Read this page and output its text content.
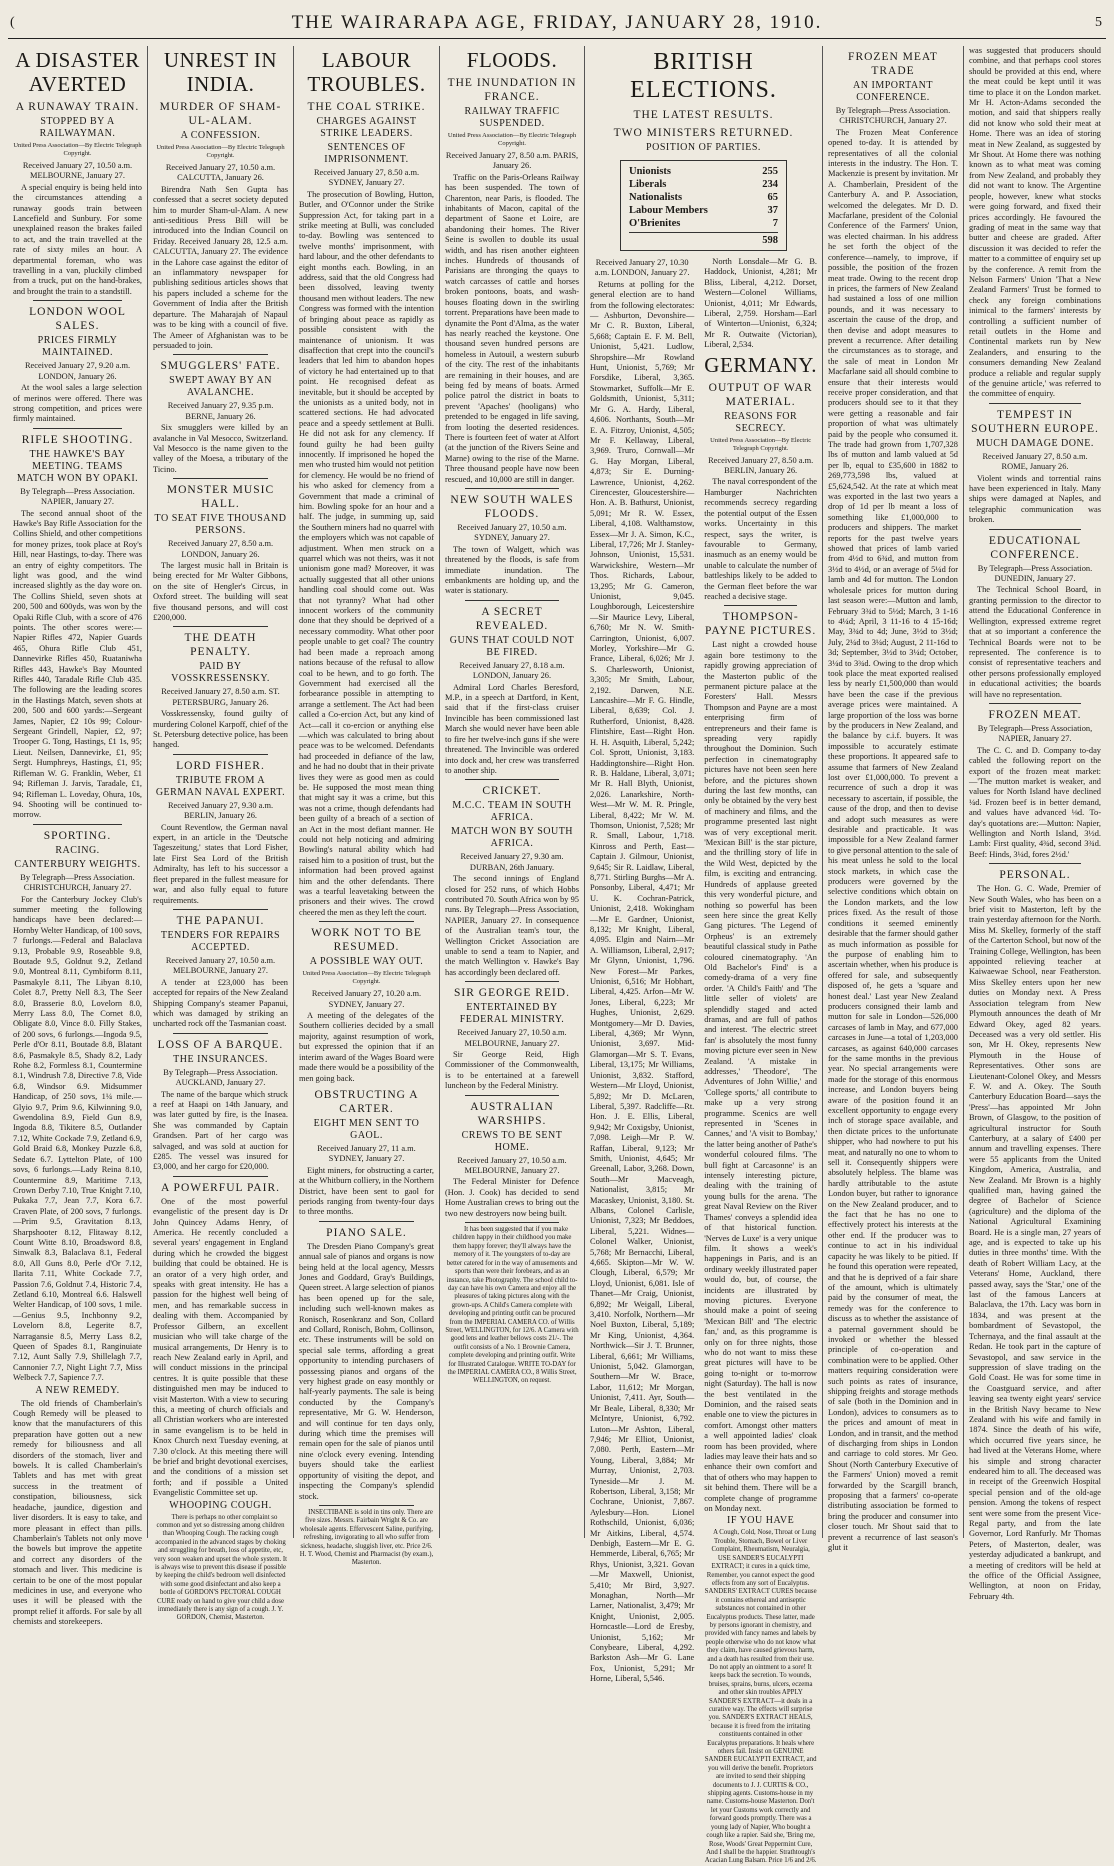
(	THE WAIRARAPA AGE, FRIDAY, JANUARY 28, 1910.	5
A DISASTER AVERTED
A RUNAWAY TRAIN.
STOPPED BY A RAILWAYMAN.
United Press Association—By Electric Telegraph Copyright.
Received January 27, 10.50 a.m. MELBOURNE, January 27.

A special enquiry is being held into the circumstances attending a runaway goods train between Lancefield and Sunbury. For some unexplained reason the brakes failed to act, and the train travelled at the rate of sixty miles an hour. A departmental foreman, who was travelling in a van, pluckily climbed from a truck, put on the hand-brakes, and brought the train to a standstill.

LONDON WOOL SALES.
PRICES FIRMLY MAINTAINED.
Received January 27, 9.20 a.m. LONDON, January 26.

At the wool sales a large selection of merinos were offered. There was strong competition, and prices were firmly maintained.

RIFLE SHOOTING.
THE HAWKE'S BAY MEETING. TEAMS MATCH WON BY OPAKI.
By Telegraph—Press Association. NAPIER, January 27.

The second annual shoot of the Hawke's Bay Rifle Association for the Collins Shield, and other competitions for money prizes, took place at Roy's Hill, near Hastings, to-day. There was an entry of eighty competitors. The light was good, and the wind increased slightly as the day wore on. The Collins Shield, seven shots at 200, 500 and 600yds, was won by the Opaki Rifle Club, with a score of 476 points. The other scores were:—Napier Rifles 472, Napier Guards 465, Ohura Rifle Club 451, Dannevirke Rifles 450, Ruataniwha Rifles 443, Hawke's Bay Mounted Rifles 440, Taradale Rifle Club 435. The following are the leading scores in the Hastings Match, seven shots at 200, 500 and 600 yards:—Sergeant James, Napier, £2 10s 99; Colour-Sergeant Grindell, Napier, £2, 97; Trooper G. Tong, Hastings, £1 1s, 95; Lieut. Neilsen, Dannevirke, £1, 95; Sergt. Humphreys, Hastings, £1, 95; Rifleman W. G. Franklin, Weber, £1 94; Rifleman J. Jarvis, Taradale, £1, 94; Rifleman L. Loveday, Ohura, 10s, 94. Shooting will be continued to-morrow.

SPORTING.
RACING.
CANTERBURY WEIGHTS.
By Telegraph—Press Association. CHRISTCHURCH, January 27.

For the Canterbury Jockey Club's summer meeting the following handicaps have been declared:— Hornby Welter Handicap, of 100 sovs, 7 furlongs.—Federal and Balaclava 9.13, Probable 9.9, Roseabble 9.8, Boutade 9.5, Goldnut 9.2, Zetland 9.0, Montreal 8.11, Cymbiform 8.11, Pasmakyle 8.11, The Libyan 8.10, Colet 8.7, Pretty Nell 8.3, The Seer 8.0, Brasserie 8.0, Lovelorn 8.0, Merry Lass 8.0, The Cornet 8.0, Obligate 8.0, Vince 8.0. Filly Stakes, of 200 sovs, 6 furlongs.—Ingoda 9.5, Perle d'Or 8.11, Boutade 8.8, Blatant 8.6, Pasmakyle 8.5, Shady 8.2, Lady Rohe 8.2, Formless 8.1, Countermine 8.1, Windrush 7.8, Directive 7.8, Vide 6.8, Windsor 6.9. Midsummer Handicap, of 250 sovs, 1¼ mile.—Glyio 9.7, Prim 9.6, Kilwinning 9.0, Gwendolina 8.9, Field Gun 8.9, Ingoda 8.8, Tikitere 8.5, Outlander 7.12, White Cockade 7.9, Zetland 6.9, Gold Braid 6.8, Monkey Puzzle 6.8, Sedate 6.7. Lyttelton Plate, of 100 sovs, 6 furlongs.—Lady Reina 8.10, Countermine 8.9, Maritime 7.13, Crown Derby 7.10, True Knight 7.10, Pukaka 7.7, Jean 7.7, Kora 6.7. Craven Plate, of 200 sovs, 7 furlongs.—Prim 9.5, Gravitation 8.13, Sharpshooter 8.12, Flitaway 8.12, Count Witte 8.10, Broadsword 8.8, Sinwalk 8.3, Balaclava 8.1, Federal 8.0, All Guns 8.0, Perle d'Or 7.12, Ilarita 7.11, White Cockade 7.7, Passion 7.6, Goldnut 7.4, Historic 7.4, Zetland 6.10, Montreal 6.6. Halswell Welter Handicap, of 100 sovs, 1 mile.—Genius 9.5, Inchbonny 9.2, Lovelorn 8.8, Legerite 8.7, Narragansie 8.5, Merry Lass 8.2, Queen of Spades 8.1, Ranginuiate 7.12, Aunt Sally 7.9, Shillelagh 7.7, Cannonier 7.7, Night Light 7.7, Miss Welbeck 7.7, Sapience 7.7.

A NEW REMEDY.

The old friends of Chamberlain's Cough Remedy will be pleased to know that the manufacturers of this preparation have gotten out a new remedy for biliousness and all disorders of the stomach, liver and bowels. It is called Chamberlain's Tablets and has met with great success in the treatment of constipation, biliousness, sick headache, jaundice, digestion and liver disorders. It is easy to take, and more pleasant in effect than pills. Chamberlain's Tablets not only move the bowels but improve the appetite and correct any disorders of the stomach and liver. This medicine is certain to be one of the most popular medicines in use, and everyone who uses it will be pleased with the prompt relief it affords. For sale by all chemists and storekeepers.

UNREST IN INDIA.
MURDER OF SHAM-UL-ALAM.
A CONFESSION.
United Press Association—By Electric Telegraph Copyright.
Received January 27, 10.50 a.m. CALCUTTA, January 26.

Birendra Nath Sen Gupta has confessed that a secret society deputed him to murder Sham-ul-Alam. A new anti-seditious Press Bill will be introduced into the Indian Council on Friday. Received January 28, 12.5 a.m. CALCUTTA, January 27. The evidence in the Lahore case against the editor of an inflammatory newspaper for publishing seditious articles shows that his papers included a scheme for the Government of India after the British departure. The Maharajah of Napaul was to be king with a council of five. The Ameer of Afghanistan was to be persuaded to join.

SMUGGLERS' FATE.
SWEPT AWAY BY AN AVALANCHE.
Received January 27, 9.35 p.m. BERNE, January 26.

Six smugglers were killed by an avalanche in Val Mesocco, Switzerland. Val Mesocco is the name given to the valley of the Moesa, a tributary of the Ticino.

MONSTER MUSIC HALL.
TO SEAT FIVE THOUSAND PERSONS.
Received January 27, 8.50 a.m. LONDON, January 26.

The largest music hall in Britain is being erected for Mr Walter Gibbons, on the site of Hengler's Circus, in Oxford street. The building will seat five thousand persons, and will cost £200,000.

THE DEATH PENALTY.
PAID BY VOSSKRESSENSKY.
Received January 27, 8.50 a.m. ST. PETERSBURG, January 26.

Vosskressensky, found guilty of murdering Colonel Karpoff, chief of the St. Petersburg detective police, has been hanged.

LORD FISHER.
TRIBUTE FROM A GERMAN NAVAL EXPERT.
Received January 27, 9.30 a.m. BERLIN, January 26.

Count Reventlow, the German naval expert, in an article in the 'Deutsche Tageszeitung,' states that Lord Fisher, late First Sea Lord of the British Admiralty, has left to his successor a fleet prepared in the fullest measure for war, and also fully equal to future requirements.

THE PAPANUI.
TENDERS FOR REPAIRS ACCEPTED.
Received January 27, 10.50 a.m. MELBOURNE, January 27.

A tender at £23,000 has been accepted for repairs of the New Zealand Shipping Company's steamer Papanui, which was damaged by striking an uncharted rock off the Tasmanian coast.

LOSS OF A BARQUE.
THE INSURANCES.
By Telegraph—Press Association. AUCKLAND, January 27.

The name of the barque which struck a reef at Haapi on 14th January, and was later gutted by fire, is the Inasea. She was commanded by Captain Grandsen. Part of her cargo was salvaged, and was sold at auction for £285. The vessel was insured for £3,000, and her cargo for £20,000.

A POWERFUL PAIR.

One of the most powerful evangelistic of the present day is Dr John Quincey Adams Henry, of America. He recently concluded a several years' engagement in England during which he crowded the biggest building that could be obtained. He is an orator of a very high order, and speaks with great intensity. He has a passion for the highest well being of men, and has remarkable success in dealing with them. Accompanied by Professor Gilbern, an excellent musician who will take charge of the musical arrangements, Dr Henry is to reach New Zealand early in April, and will conduct missions in the principal centres. It is quite possible that these distinguished men may be induced to visit Masterton. With a view to securing this, a meeting of church officials and all Christian workers who are interested in same evangelism is to be held in Knox Church next Tuesday evening, at 7.30 o'clock. At this meeting there will be brief and bright devotional exercises, and the conditions of a mission set forth; and if possible a United Evangelistic Committee set up.

WHOOPING COUGH.

There is perhaps no other complaint so common and yet so distressing among children than Whooping Cough. The racking cough accompanied in the advanced stages by choking and struggling for breath, loss of appetite, etc, very soon weaken and upset the whole system. It is always wise to prevent this disease if possible by keeping the child's bedroom well disinfected with some good disinfectant and also keep a bottle of GORDON'S PECTORAL COUGH CURE ready on hand to give your child a dose immediately there is any sign of a cough. J. Y. GORDON, Chemist, Masterton.

LABOUR TROUBLES.
THE COAL STRIKE.
CHARGES AGAINST STRIKE LEADERS.
SENTENCES OF IMPRISONMENT.
Received January 27, 8.50 a.m. SYDNEY, January 27.

The prosecution of Bowling, Hutton, Butler, and O'Connor under the Strike Suppression Act, for taking part in a strike meeting at Bulli, was concluded to-day. Bowling was sentenced to twelve months' imprisonment, with hard labour, and the other defendants to eight months each. Bowling, in an address, said that the old Congress had been dissolved, leaving twenty thousand men without leaders. The new Congress was formed with the intention of bringing about peace as rapidly as possible consistent with the maintenance of unionism. It was disaffection that crept into the council's leaders that led him to abandon hopes of victory he had entertained up to that point. He recognised defeat as inevitable, but it should be accepted by the unionists as a united body, not in scattered sections. He had advocated peace and a speedy settlement at Bulli. He did not ask for any clemency. If found guilty he had been guilty innocently. If imprisoned he hoped the men who trusted him would not petition for clemency. He would be no friend of his who asked for clemency from a Government that made a criminal of him. Bowling spoke for an hour and a half. The judge, in summing up, said the Southern miners had no quarrel with the employers which was not capable of adjustment. When men struck on a quarrel which was not theirs, was it not unionism gone mad? Moreover, it was actually suggested that all other unions handling coal should come out. Was that not tyranny? What had other innocent workers of the community done that they should be deprived of a necessary commodity. What other poor people unable to get coal? The country had been made a reproach among nations because of the refusal to allow coal to be hewn, and to go forth. The Government had exercised all the forbearance possible in attempting to arrange a settlement. The Act had been called a Co-ercion Act, but any kind of Act—call it co-ercion or anything else—which was calculated to bring about peace was to be welcomed. Defendants had proceeded in defiance of the law, and he had no doubt that in their private lives they were as good men as could be. He supposed the most mean thing that might say it was a crime, but this was not a crime, though defendants had been guilty of a breach of a section of an Act in the most defiant manner. He could not help noticing and admiring Bowling's natural ability which had raised him to a position of trust, but the information had been proved against him and the other defendants. There was a tearful leavetaking between the prisoners and their wives. The crowd cheered the men as they left the court.

WORK NOT TO BE RESUMED.
A POSSIBLE WAY OUT.
United Press Association—By Electric Telegraph Copyright.
Received January 27, 10.20 a.m. SYDNEY, January 27.

A meeting of the delegates of the Southern collieries decided by a small majority, against resumption of work, but expressed the opinion that if an interim award of the Wages Board were made there would be a possibility of the men going back.

OBSTRUCTING A CARTER.
EIGHT MEN SENT TO GAOL.
Received January 27, 11 a.m. SYDNEY, January 27.

Eight miners, for obstructing a carter, at the Whitburn colliery, in the Northern District, have been sent to gaol for periods ranging from twenty-four days to three months.

PIANO SALE.

The Dresden Piano Company's great annual sale of pianos and organs is now being held at the local agency, Messrs Jones and Goddard, Gray's Buildings, Queen street. A large selection of pianos has been opened up for the sale, including such well-known makes as Ronisch, Rosenkranz and Son, Collard and Collard, Ronisch, Bohm, Collinson, etc. These instruments will be sold on special sale terms, affording a great opportunity to intending purchasers of possessing pianos and organs of the very highest grade on easy monthly or half-yearly payments. The sale is being conducted by the Company's representative, Mr G. W. Henderson, and will continue for ten days only, during which time the premises will remain open for the sale of pianos until nine o'clock every evening. Intending buyers should take the earliest opportunity of visiting the depot, and inspecting the Company's splendid stock.

INSECTIBANE is sold in tins only. There are five sizes. Messrs. Fairbain Wright & Co. are wholesale agents. Effervescent Saline, purifying, refreshing, invigorating to all who suffer from sickness, headache, sluggish liver, etc. Price 2/6. H. T. Wood, Chemist and Pharmacist (by exam.), Masterton.

FLOODS.
THE INUNDATION IN FRANCE.
RAILWAY TRAFFIC SUSPENDED.
United Press Association—By Electric Telegraph Copyright.
Received January 27, 8.50 a.m. PARIS, January 26.

Traffic on the Paris-Orleans Railway has been suspended. The town of Charenton, near Paris, is flooded. The inhabitants of Macon, capital of the department of Saone et Loire, are abandoning their homes. The River Seine is swollen to double its usual width, and has risen another eighteen inches. Hundreds of thousands of Parisians are thronging the quays to watch carcasses of cattle and horses broken pontoons, boats, and wash-houses floating down in the swirling torrent. Preparations have been made to dynamite the Pont d'Alma, as the water has nearly reached the keystone. One thousand seven hundred persons are homeless in Autouil, a western suburb of the city. The rest of the inhabitants are remaining in their houses, and are being fed by means of boats. Armed police patrol the district in boats to prevent 'Apaches' (hooligans) who pretended to be engaged in life saving, from looting the deserted residences. There is fourteen feet of water at Alfort (at the junction of the Rivers Seine and Marne) owing to the rise of the Marne. Three thousand people have now been rescued, and 10,000 are still in danger.

NEW SOUTH WALES FLOODS.
Received January 27, 10.50 a.m. SYDNEY, January 27.

The town of Walgett, which was threatened by the floods, is safe from immediate inundation. The embankments are holding up, and the water is stationary.

A SECRET REVEALED.
GUNS THAT COULD NOT BE FIRED.
Received January 27, 8.18 a.m. LONDON, January 26.

Admiral Lord Charles Beresford, M.P., in a speech at Dartford, in Kent, said that if the first-class cruiser Invincible has been commissioned last March she would never have been able to fire her twelve-inch guns if she were threatened. The Invincible was ordered into dock and, her crew was transferred to another ship.

CRICKET.
M.C.C. TEAM IN SOUTH AFRICA.
MATCH WON BY SOUTH AFRICA.
Received January 27, 9.30 am. DURBAN, 26th January.

The second innings of England closed for 252 runs, of which Hobbs contributed 70. South Africa won by 95 runs. By Telegraph—Press Association, NAPIER, January 27. In consequence of the Australian team's tour, the Wellington Cricket Association are unable to send a team to Napier, and the match Wellington v. Hawke's Bay has accordingly been declared off.

SIR GEORGE REID.
ENTERTAINED BY FEDERAL MINISTRY.
Received January 27, 10.50 a.m. MELBOURNE, January 27.

Sir George Reid, High Commissioner of the Commonwealth, is to be entertained at a farewell luncheon by the Federal Ministry.

AUSTRALIAN WARSHIPS.
CREWS TO BE SENT HOME.
Received January 27, 10.50 a.m. MELBOURNE, January 27.

The Federal Minister for Defence (Hon. J. Cook) has decided to send Home Australian crews to bring out the two new destroyers now being built.

It has been suggested that if you make children happy in their childhood you make them happy forever; they'll always have the memory of it. The youngsters of to-day are better catered for in the way of amusements and sports than were their forebears, and as an instance, take Photography. The school child to-day can have his own Camera and enjoy all the pleasures of taking pictures along with the grown-ups. A Child's Camera complete with developing and printing outfit can be procured from the IMPERIAL CAMERA CO. of Willis Street, WELLINGTON, for 12/6. A Camera with good lens and leather bellows costs 21/-. The outfit consists of a No. 1 Brownie Camera, complete developing and printing outfit. Write for Illustrated Catalogue. WRITE TO-DAY for the IMPERIAL CAMERA CO., 8 Willis Street, WELLINGTON, on request.

BRITISH ELECTIONS.
THE LATEST RESULTS.
TWO MINISTERS RETURNED.
POSITION OF PARTIES.
Unionists	255
Liberals	234
Nationalists	65
Labour Members	37
O'Brienites	7
598
Received January 27, 10.30 a.m. LONDON, January 27.

Returns at polling for the general election are to hand from the following electorates:— Ashburton, Devonshire—Mr C. R. Buxton, Liberal, 5,668; Captain E. F. M. Bell, Unionist, 5,421. Ludlow, Shropshire—Mr Rowland Hunt, Unionist, 5,769; Mr Forsdike, Liberal, 3,365. Stowmarket, Suffolk—Mr E. Goldsmith, Unionist, 5,311; Mr G. A. Hardy, Liberal, 4,606. Northants, South—Mr E. A. Fitzroy, Unionist, 4,505; Mr F. Kellaway, Liberal, 3,969. Truro, Cornwall—Mr G. Hay Morgan, Liberal, 4,873; Sir E. Durning-Lawrence, Unionist, 4,262. Cirencester, Gloucestershire—Hon. A. B. Bathurst, Unionist, 5,091; Mr R. W. Essex, Liberal, 4,108. Walthamstow, Essex—Mr J. A. Simon, K.C., Liberal, 17,726; Mr J. Stanley-Johnson, Unionist, 15,531. Warwickshire, Western—Mr Thos. Richards, Labour, 13,295; Mr G. Cameron, Unionist, 9,045. Loughborough, Leicestershire—Sir Maurice Levy, Liberal, 6,760; Mr N. W. Smith-Carrington, Unionist, 6,007. Morley, Yorkshire—Mr G. France, Liberal, 6,026; Mr J. S. Charlesworth, Unionist, 3,305; Mr Smith, Labour, 2,192. Darwen, N.E. Lancashire—Mr F. G. Hindle, Liberal, 8,639; Col. J. Rutherford, Unionist, 8,428. Flintshire, East—Right Hon. H. H. Asquith, Liberal, 5,242; Col. Sprott, Unionist, 3,183. Haddingtonshire—Right Hon. R. B. Haldane, Liberal, 3,071; Mr R. Hall Blyth, Unionist, 2,026. Lanarkshire, North-West—Mr W. M. R. Pringle, Liberal, 8,422; Mr W. M. Thomson, Unionist, 7,528; Mr R. Small, Labour, 1,718. Kinross and Perth, East—Captain J. Gilmour, Unionist, 9,645; Sir R. Laidlaw, Liberal, 8,771. Stirling Burghs—Mr A. Ponsonby, Liberal, 4,471; Mr U. K. Cochran-Patrick, Unionist, 2,418. Wokingham—Mr E. Gardner, Unionist, 8,132; Mr Knight, Liberal, 4,095. Elgin and Nairn—Mr A. Williamson, Liberal, 2,917; Mr Glynn, Unionist, 1,796. New Forest—Mr Parkes, Unionist, 6,516; Mr Hobhart, Liberal, 4,425. Arfon—Mr W. Jones, Liberal, 6,223; Mr Hughes, Unionist, 2,629. Montgomery—Mr D. Davies, Liberal, 4,369; Mr Wynn, Unionist, 3,697. Mid-Glamorgan—Mr S. T. Evans, Liberal, 13,175; Mr Williams, Unionist, 3,832. Stafford, Western—Mr Lloyd, Unionist, 5,892; Mr D. McLaren, Liberal, 5,397. Radcliffe—Rt. Hon. J. E. Ellis, Liberal, 9,942; Mr Coxigsby, Unionist, 7,098. Leigh—Mr P. W. Raffan, Liberal, 9,123; Mr Smith, Unionist, 4,645; Mr Greenall, Labor, 3,268. Down, South—Mr Macveagh, Nationalist, 3,815; Mr Macaskey, Unionist, 3,180. St. Albans, Colonel Carlisle, Unionist, 7,323; Mr Beddoes, Liberal, 5,221. Widnes—Colonel Walker, Unionist, 5,768; Mr Bernacchi, Liberal, 4,665. Skipton—Mr W. W. Clough, Liberal, 6,579; Mr Lloyd, Unionist, 6,081. Isle of Thanet—Mr Craig, Unionist, 6,892; Mr Weigall, Liberal, 3,410. Norfolk, Northern—Mr Noel Buxton, Liberal, 5,189; Mr King, Unionist, 4,364. Northwick—Sir J. T. Brunner, Liberal, 6,661; Mr Williams, Unionist, 5,042. Glamorgan, Southern—Mr W. Brace, Labor, 11,612; Mr Morgan, Unionist, 7,411. Ayr, South—Mr Beale, Liberal, 8,330; Mr McIntyre, Unionist, 6,792. Luton—Mr Ashton, Liberal, 7,946; Mr Elliot, Unionist, 7,080. Perth, Eastern—Mr Young, Liberal, 3,884; Mr Murray, Unionist, 2,703. Tyneside—Mr J. M. Robertson, Liberal, 3,158; Mr Cochrane, Unionist, 7,867. Aylesbury—Hon. Lionel Rothschild, Unionist, 6,036; Mr Aitkins, Liberal, 4,574. Denbigh, Eastern—Mr E. G. Hemmerde, Liberal, 6,765; Mr Rhys, Unionist, 3,321. Govan—Mr Maxwell, Unionist, 5,410; Mr Bird, 3,927. Monaghan, North—Mr Larner, Nationalist, 3,479; Mr Knight, Unionist, 2,005. Horncastle—Lord de Eresby, Unionist, 5,162; Mr Conybeare, Liberal, 4,292. Barkston Ash—Mr G. Lane Fox, Unionist, 5,291; Mr Horne, Liberal, 5,546.

North Lonsdale—Mr G. B. Haddock, Unionist, 4,281; Mr Bliss, Liberal, 4,212. Dorset, Western—Colonel Williams, Unionist, 4,011; Mr Edwards, Liberal, 2,759. Horsham—Earl of Winterton—Unionist, 6,324; Mr R. Outwaite (Victorian), Liberal, 2,534.

GERMANY.
OUTPUT OF WAR MATERIAL.
REASONS FOR SECRECY.
United Press Association—By Electric Telegraph Copyright.
Received January 27, 8.50 a.m. BERLIN, January 26.

The naval correspondent of the Hamburger Nachrichten recommends secrecy regarding the potential output of the Essen works. Uncertainty in this respect, says the writer, is favourable to Germany, inasmuch as an enemy would be unable to calculate the number of battleships likely to be added to the German fleet before the war reached a decisive stage.

THOMPSON-PAYNE PICTURES.

Last night a crowded house again bore testimony to the rapidly growing appreciation of the Masterton public of the permanent picture palace at the Foresters' Hall. Messrs Thompson and Payne are a most enterprising firm of entrepreneurs and their fame is spreading very rapidly throughout the Dominion. Such perfection in cinematography pictures have not been seen here before, and the pictures shown during the last few months, can only be obtained by the very best of machinery and films, and the programme presented last night was of very exceptional merit. 'Mexican Bill' is the star picture, and the thrilling story of life in the Wild West, depicted by the film, is exciting and entrancing. Hundreds of applause greeted this very wonderful picture, and nothing so powerful has been seen here since the great Kelly Gang pictures. 'The Legend of Orpheus' is an extremely beautiful classical study in Pathe coloured cinematography. 'An Old Bachelor's Find' is a comedy-drama of a very fine order. 'A Child's Faith' and 'The little seller of violets' are splendidly staged and acted dramas, and are full of pathos and interest. 'The electric street fan' is absolutely the most funny moving picture ever seen in New Zealand. 'A mistake in addresses,' 'Theodore', 'The Adventures of John Willie,' and 'College sports,' all contribute to make up a very strong programme. Scenics are well represented in 'Scenes in Cannes,' and 'A visit to Bombay,' the latter being another of Pathe's wonderful coloured films. 'The bull fight at Carcasonne' is an intensely interesting picture, dealing with the training of young bulls for the arena. 'The great Naval Review on the River Thames' conveys a splendid idea of that historical function. 'Nerves de Luxe' is a very unique film. It shows a week's happenings in Paris, and is an ordinary weekly illustrated paper would do, but, of course, the incidents are illustrated by moving pictures. Everyone should make a point of seeing 'Mexican Bill' and 'The electric fan,' and, as this programme is only on for three nights, those who do not want to miss these great pictures will have to be going to-night or to-morrow night (Saturday). The hall is now the best ventilated in the Dominion, and the raised seats enable one to view the pictures in comfort. Amongst other matters a well appointed ladies' cloak room has been provided, where ladies may leave their hats and so enhance their own comfort and that of others who may happen to sit behind them. There will be a complete change of programme on Monday next.

IF YOU HAVE

A Cough, Cold, Nose, Throat or Lung Trouble, Stomach, Bowel or Liver Complaint, Rheumatism, Neuralgia, USE SANDER'S EUCALYPTI EXTRACT; it cures in a quick time, Remember, you cannot expect the good effects from any sort of Eucalyptus. SANDERS' EXTRACT CURES because it contains ethereal and antiseptic substances not contained in other Eucalyptus products. These latter, made by persons ignorant in chemistry, and provided with fancy names and labels by people otherwise who do not know what they claim, have caused grievous harm, and a death has resulted from their use. Do not apply an ointment to a sore! It keeps back the secretion. To wounds, bruises, sprains, burns, ulcers, eczema and other skin troubles APPLY SANDER'S EXTRACT—it deals in a curative way. The effects will surprise you. SANDER'S EXTRACT HEALS, because it is freed from the irritating constituents contained in other Eucalyptus preparations. It heals where others fail. Insist on GENUINE SANDER EUCALYPTI EXTRACT, and you will derive the benefit. Proprietors are invited to send their shipping documents to J. J. CURTIS & CO., shipping agents. Customs-house in my name. Customs-house Masterton. Don't let your Customs work correctly and forward goods promptly. There was a young lady of Napier, Who bought a cough like a rapier. Said she, 'Bring me, Rose, Woods' Great Peppermint Cure, And I shall be the happier. Strathtough's Acacian Lung Balsam. Price 1/6 and 2/6.

FROZEN MEAT TRADE
AN IMPORTANT CONFERENCE.
By Telegraph—Press Association. CHRISTCHURCH, January 27.

The Frozen Meat Conference opened to-day. It is attended by representatives of all the colonial interests in the industry. The Hon. T. Mackenzie is present by invitation. Mr A. Chamberlain, President of the Canterbury A. and P. Association, welcomed the delegates. Mr D. D. Macfarlane, president of the Colonial Conference of the Farmers' Union, was elected chairman. In his address he set forth the object of the conference—namely, to improve, if possible, the position of the frozen meat trade. Owing to the recent drop in prices, the farmers of New Zealand had sustained a loss of one million pounds, and it was necessary to ascertain the cause of the drop, and then devise and adopt measures to prevent a recurrence. After detailing the circumstances as to storage, and the sale of meat in London Mr Macfarlane said all should combine to ensure that their interests would receive proper consideration, and that producers should see to it that they were getting a reasonable and fair proportion of what was ultimately paid by the people who consumed it. The trade had grown from 1,707,328 lbs of mutton and lamb valued at 5d per lb, equal to £35,600 in 1882 to 269,773,598 lbs, valued at £5,624,542. At the rate at which meat was exported in the last two years a drop of 1d per lb meant a loss of something like £1,000,000 to producers and shippers. The market reports for the past twelve years showed that prices of lamb varied from 4½d to 6¾d, and mutton from 3½d to 4½d, or an average of 5¼d for lamb and 4d for mutton. The London wholesale prices for mutton during last season were:—Mutton and lamb, February 3¾d to 5½d; March, 3 1-16 to 4¼d; April, 3 11-16 to 4 15-16d; May, 3¾d to 4d; June, 3½d to 3½d; July, 2¼d to 3¼d; August, 2 11-16d to 3d; September, 3½d to 3¼d; October, 3¼d to 3¾d. Owing to the drop which took place the meat exported realised less by nearly £1,500,000 than would have been the case if the previous average prices were maintained. A large proportion of the loss was borne by the producers in New Zealand, and the balance by c.i.f. buyers. It was impossible to accurately estimate these proportions. It appeared safe to assume that farmers of New Zealand lost over £1,000,000. To prevent a recurrence of such a drop it was necessary to ascertain, if possible, the cause of the drop, and then to devise and adopt such measures as were desirable and practicable. It was impossible for a New Zealand farmer to give personal attention to the sale of his meat unless he sold to the local stock markets, in which case the producers were governed by the selective conditions which obtain on the London markets, and the low prices fixed. As the result of those conditions it seemed eminently desirable that the farmer should gather as much information as possible for the purpose of enabling him to ascertain whether, when his produce is offered for sale, and subsequently disposed of, he gets a 'square and honest deal.' Last year New Zealand producers consigned their lamb and mutton for sale in London—526,000 carcases of lamb in May, and 677,000 carcases in June—a total of 1,203,000 carcases, as against 640,000 carcases for the same months in the previous year. No special arrangements were made for the storage of this enormous increase, and London buyers being aware of the position found it an excellent opportunity to engage every inch of storage space available, and then dictate prices to the unfortunate shipper, who had nowhere to put his meat, and naturally no one to whom to sell it. Consequently shippers were absolutely helpless. The blame was hardly attributable to the astute London buyer, but rather to ignorance on the New Zealand producer, and to the fact that he has no one to effectively protect his interests at the other end. If the producer was to continue to act in his individual capacity he was likely to be pitied. If he found this operation were repeated, and that he is deprived of a fair share of the amount, which is ultimately paid by the consumer of meat, the remedy was for the conference to discuss as to whether the assistance of a paternal government should be invoked or whether the blessed principle of co-operation and combination were to be applied. Other matters requiring consideration were such points as rates of insurance, shipping freights and storage methods of sale (both in the Dominion and in London), advices to consumers as to the prices and amount of meat in London, and in transit, and the method of discharging from ships in London and carriage to cold stores. Mr Geo. Shout (North Canterbury Executive of the Farmers' Union) moved a remit forwarded by the Scargill branch, proposing that a farmers' co-operate distributing association be formed to bring the producer and consumer into closer touch. Mr Shout said that to prevent a recurrence of last season's glut it

was suggested that producers should combine, and that perhaps cool stores should be provided at this end, where the meat could be kept until it was time to place it on the London market. Mr H. Acton-Adams seconded the motion, and said that shippers really did not know who sold their meat at Home. There was an idea of storing meat in New Zealand, as suggested by Mr Shout. At Home there was nothing known as to what meat was coming from New Zealand, and probably they did not want to know. The Argentine people, however, knew what stocks were going forward, and fixed their prices accordingly. He favoured the grading of meat in the same way that butter and cheese are graded. After discussion it was decided to refer the matter to a committee of enquiry set up by the conference. A remit from the Nelson Farmers' Union 'That a New Zealand Farmers' Trust be formed to check any foreign combinations inimical to the farmers' interests by controlling a sufficient number of retail outlets in the Home and Continental markets run by New Zealanders, and ensuring to the consumers demanding New Zealand produce a reliable and regular supply of the genuine article,' was referred to the committee of enquiry.

TEMPEST IN SOUTHERN EUROPE.
MUCH DAMAGE DONE.
Received January 27, 8.50 a.m. ROME, January 26.

Violent winds and torrential rains have been experienced in Italy. Many ships were damaged at Naples, and telegraphic communication was broken.

EDUCATIONAL CONFERENCE.
By Telegraph—Press Association. DUNEDIN, January 27.

The Technical School Board, in granting permission to the director to attend the Educational Conference in Wellington, expressed extreme regret that at so important a conference the Technical Boards were not to be represented. The conference is to consist of representative teachers and other persons professionally employed in educational activities; the boards will have no representation.

FROZEN MEAT.
By Telegraph—Press Association, NAPIER, January 27.

The C. C. and D. Company to-day cabled the following report on the export of the frozen meat market:—'The mutton market is weaker, and values for North Island have declined ¼d. Frozen beef is in better demand, and values have advanced ⅛d. To-day's quotations are:—Mutton: Napier, Wellington and North Island, 3½d. Lamb: First quality, 4¾d, second 3¾d. Beef: Hinds, 3¼d, fores 2½d.'

PERSONAL.

The Hon. G. C. Wade, Premier of New South Wales, who has been on a brief visit to Masterton, left by the train yesterday afternoon for the North. Miss M. Skelley, formerly of the staff of the Carterton School, but now of the Training College, Wellington, has been appointed relieving teacher at Kaiwaewae School, near Featherston. Miss Skelley enters upon her new duties on Monday next. A Press Association telegram from New Plymouth announces the death of Mr Edward Okey, aged 82 years. Deceased was a very old settler. His son, Mr H. Okey, represents New Plymouth in the House of Representatives. Other sons are Lieutenant-Colonel Okey, and Messrs F. W. and A. Okey. The South Canterbury Education Board—says the 'Press'—has appointed Mr John Brown, of Glasgow, to the position of agricultural instructor for South Canterbury, at a salary of £400 per annum and travelling expenses. There were 55 applicants from the United Kingdom, America, Australia, and New Zealand. Mr Brown is a highly qualified man, having gained the degree of Bachelor of Science (agriculture) and the diploma of the National Agricultural Examining Board. He is a single man, 27 years of age, and is expected to take up his duties in three months' time. With the death of Robert William Lacy, at the Veterans' Home, Auckland, there passed away, says the 'Star,' one of the last of the famous Lancers at Balaclava, the 17th. Lacy was born in 1834, and was present at the bombardment of Sevastopol, the Tchernaya, and the final assault at the Redan. He took part in the capture of Sevastopol, and saw service in the suppression of slave trading on the Gold Coast. He was for some time in the Coastguard service, and after leaving sea twenty eight years' service in the British Navy became to New Zealand with his wife and family in 1874. Since the death of his wife, which occurred five years since, he had lived at the Veterans Home, where his simple and strong character endeared him to all. The deceased was in receipt of the Greenwich Hospital special pension and of the old-age pension. Among the tokens of respect sent were some from the present Vice-Regal party, and from the late Governor, Lord Ranfurly. Mr Thomas Peters, of Masterton, dealer, was yesterday adjudicated a bankrupt, and a meeting of creditors will be held at the office of the Official Assignee, Wellington, at noon on Friday, February 4th.
